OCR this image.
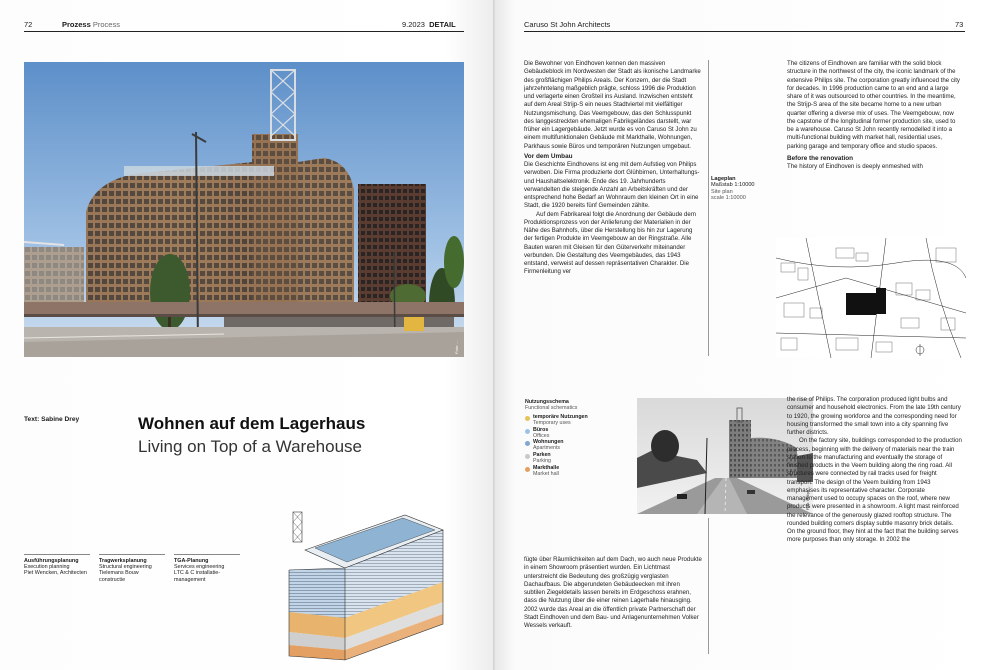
72	Prozess Process	9.2023 DETAIL
Foto: ...
Text: Sabine Drey	Wohnen auf dem Lagerhaus
Living on Top of a Warehouse
Ausführungsplanung
Execution planning
Piet Wencken, Architecten
Tragwerksplanung
Structural engineering
Tielemans Bouw constructie
TGA-Planung
Services engineering
LTC & C installatie-management
Caruso St John Architects	73

Die Bewohner von Eindhoven kennen den massiven Gebäudeblock im Nordwesten der Stadt als ikonische Landmarke des großflächigen Philips Areals. Der Konzern, der die Stadt jahrzehntelang maßgeblich prägte, schloss 1996 die Produktion und verlagerte einen Großteil ins Ausland. Inzwischen entsteht auf dem Areal Strijp-S ein neues Stadtviertel mit vielfältiger Nutzungsmischung. Das Veemgebouw, das den Schlusspunkt des langgestreckten ehemaligen Fabrikgeländes darstellt, war früher ein Lagergebäude. Jetzt wurde es von Caruso St John zu einem multifunktionalen Gebäude mit Markthalle, Wohnungen, Parkhaus sowie Büros und temporären Nutzungen umgebaut.

Vor dem Umbau

Die Geschichte Eindhovens ist eng mit dem Aufstieg von Philips verwoben. Die Firma produzierte dort Glühbirnen, Unterhaltungs- und Haushaltselektronik. Ende des 19. Jahrhunderts verwandelten die steigende Anzahl an Arbeitskräften und der entsprechend hohe Bedarf an Wohnraum den kleinen Ort in eine Stadt, die 1920 bereits fünf Gemeinden zählte.

Auf dem Fabrikareal folgt die Anordnung der Gebäude dem Produktionsprozess von der Anlieferung der Materialien in der Nähe des Bahnhofs, über die Herstellung bis hin zur Lagerung der fertigen Produkte im Veemgebouw an der Ringstraße. Alle Bauten waren mit Gleisen für den Güterverkehr miteinander verbunden. Die Gestaltung des Veemgebäudes, das 1943 entstand, verweist auf dessen repräsentativen Charakter. Die Firmenleitung ver

Lageplan
Maßstab 1:10000
Site plan
scale 1:10000

The citizens of Eindhoven are familiar with the solid block structure in the northwest of the city, the iconic landmark of the extensive Philips site. The corporation greatly influenced the city for decades. In 1996 production came to an end and a large share of it was outsourced to other countries. In the meantime, the Strijp-S area of the site became home to a new urban quarter offering a diverse mix of uses. The Veemgebouw, now the capstone of the longitudinal former production site, used to be a warehouse. Caruso St John recently remodelled it into a multi-functional building with market hall, residential uses, parking garage and temporary office and studio spaces.

Before the renovation

The history of Eindhoven is deeply enmeshed with

Nutzungsschema
Functional schematics
temporäre Nutzungen
Temporary uses
Büros
Offices
Wohnungen
Apartments
Parken
Parking
Markthalle
Market hall
Foto: Philips ...

fügte über Räumlichkeiten auf dem Dach, wo auch neue Produkte in einem Showroom präsentiert wurden. Ein Lichtmast unterstreicht die Bedeutung des großzügig verglasten Dachaufbaus. Die abgerundeten Gebäudeecken mit ihren subtilen Ziegeldetails lassen bereits im Erdgeschoss erahnen, dass die Nutzung über die einer reinen Lagerhalle hinausging. 2002 wurde das Areal an die öffentlich private Partnerschaft der Stadt Eindhoven und dem Bau- und Anlagenunternehmen Volker Wessels verkauft.

the rise of Philips. The corporation produced light bulbs and consumer and household electronics. From the late 19th century to 1920, the growing workforce and the corresponding need for housing transformed the small town into a city spanning five further districts.

On the factory site, buildings corresponded to the production process, beginning with the delivery of materials near the train station to the manufacturing and eventually the storage of finished products in the Veem building along the ring road. All structures were connected by rail tracks used for freight transport. The design of the Veem building from 1943 emphasises its representative character. Corporate management used to occupy spaces on the roof, where new products were presented in a showroom. A light mast reinforced the relevance of the generously glazed rooftop structure. The rounded building corners display subtle masonry brick details. On the ground floor, they hint at the fact that the building serves more purposes than only storage. In 2002 the
